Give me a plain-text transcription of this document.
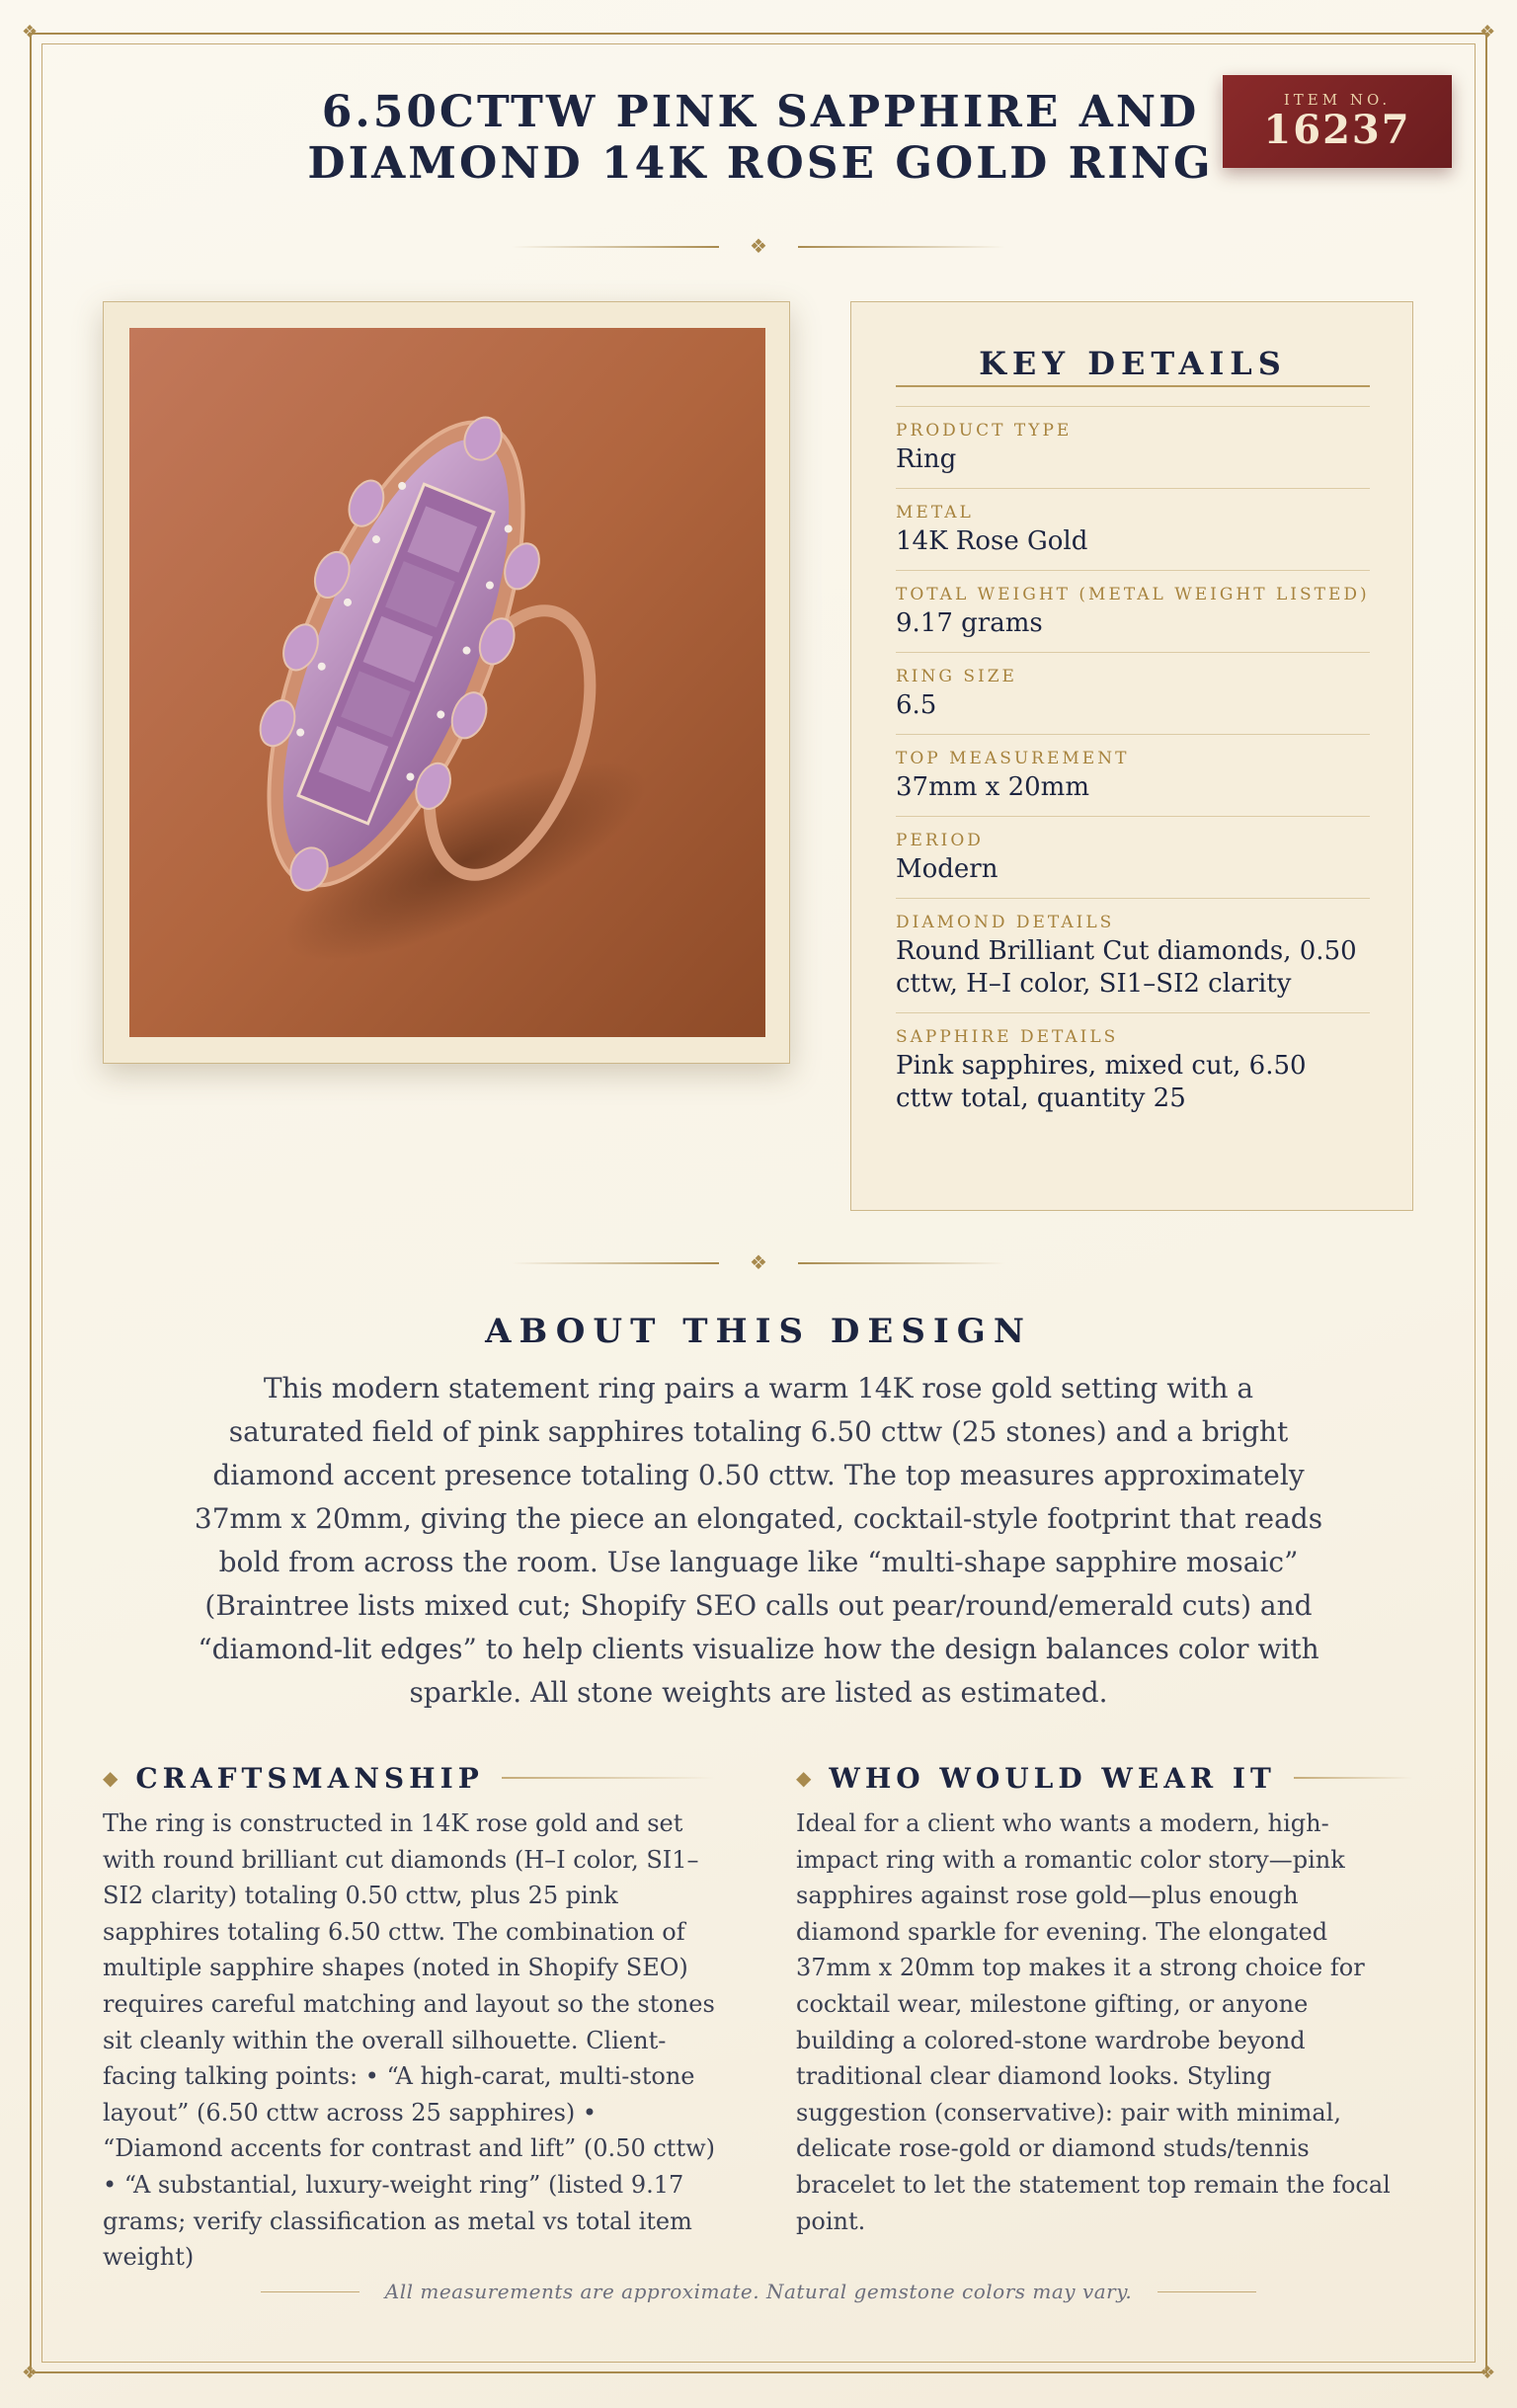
❖	❖
❖	❖
6.50CTTW PINK SAPPHIRE AND
DIAMOND 14K ROSE GOLD RING
ITEM NO.
16237
❖
KEY DETAILS
PRODUCT TYPE
Ring
METAL
14K Rose Gold
TOTAL WEIGHT (METAL WEIGHT LISTED)
9.17 grams
RING SIZE
6.5
TOP MEASUREMENT
37mm x 20mm
PERIOD
Modern
DIAMOND DETAILS
Round Brilliant Cut diamonds, 0.50 cttw, H–I color, SI1–SI2 clarity
SAPPHIRE DETAILS
Pink sapphires, mixed cut, 6.50 cttw total, quantity 25
❖
ABOUT THIS DESIGN
This modern statement ring pairs a warm 14K rose gold setting with a saturated field of pink sapphires totaling 6.50 cttw (25 stones) and a bright diamond accent presence totaling 0.50 cttw. The top measures approximately 37mm x 20mm, giving the piece an elongated, cocktail-style footprint that reads bold from across the room. Use language like “multi-shape sapphire mosaic” (Braintree lists mixed cut; Shopify SEO calls out pear/round/emerald cuts) and “diamond-lit edges” to help clients visualize how the design balances color with sparkle. All stone weights are listed as estimated.
◆ CRAFTSMANSHIP
The ring is constructed in 14K rose gold and set with round brilliant cut diamonds (H–I color, SI1–SI2 clarity) totaling 0.50 cttw, plus 25 pink sapphires totaling 6.50 cttw. The combination of multiple sapphire shapes (noted in Shopify SEO) requires careful matching and layout so the stones sit cleanly within the overall silhouette. Client-facing talking points: • “A high-carat, multi-stone layout” (6.50 cttw across 25 sapphires) • “Diamond accents for contrast and lift” (0.50 cttw) • “A substantial, luxury-weight ring” (listed 9.17 grams; verify classification as metal vs total item weight)
◆ WHO WOULD WEAR IT
Ideal for a client who wants a modern, high-impact ring with a romantic color story—pink sapphires against rose gold—plus enough diamond sparkle for evening. The elongated 37mm x 20mm top makes it a strong choice for cocktail wear, milestone gifting, or anyone building a colored-stone wardrobe beyond traditional clear diamond looks. Styling suggestion (conservative): pair with minimal, delicate rose-gold or diamond studs/tennis bracelet to let the statement top remain the focal point.
All measurements are approximate. Natural gemstone colors may vary.
